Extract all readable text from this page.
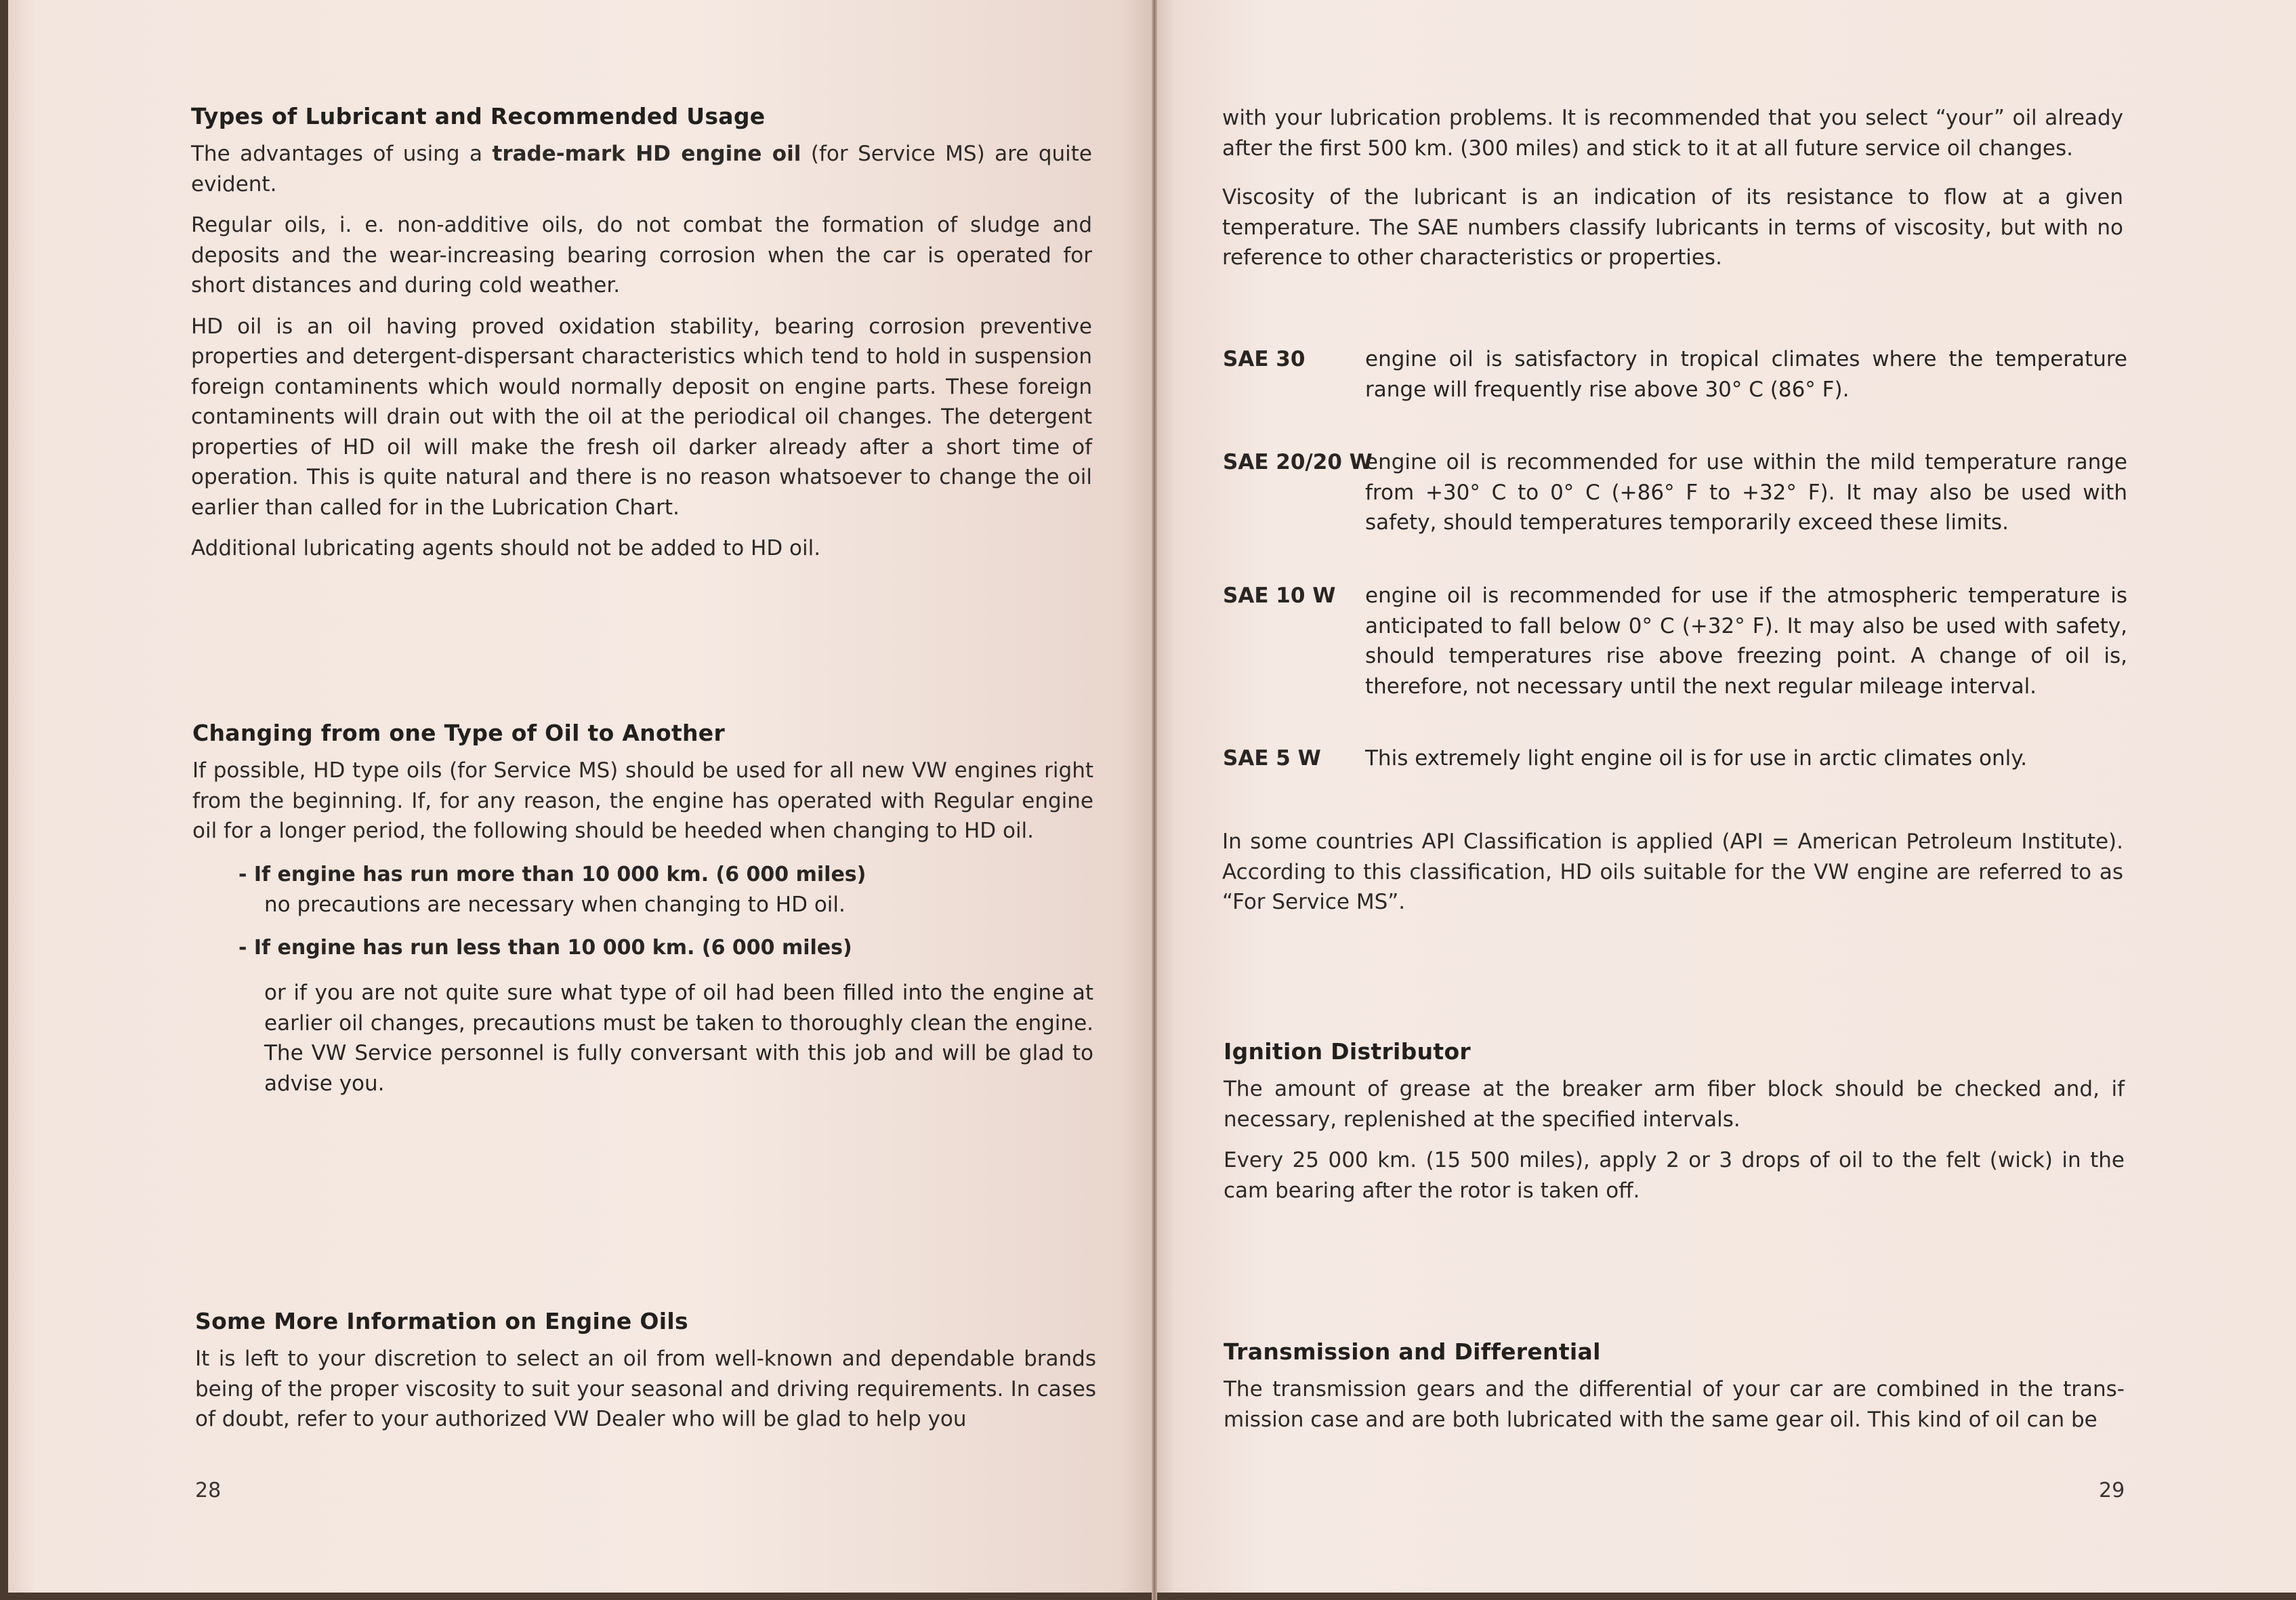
Types of Lubricant and Recommended Usage

The advantages of using a trade-mark HD engine oil (for Service MS) are quite evident.

Regular oils, i. e. non-additive oils, do not combat the formation of sludge and deposits and the wear-increasing bearing corrosion when the car is operated for short distances and during cold weather.

HD oil is an oil having proved oxidation stability, bearing corrosion preventive properties and detergent-dispersant characteristics which tend to hold in suspension foreign contaminents which would normally deposit on engine parts. These foreign contaminents will drain out with the oil at the periodical oil changes. The detergent properties of HD oil will make the fresh oil darker already after a short time of operation. This is quite natural and there is no reason whatsoever to change the oil earlier than called for in the Lubrication Chart.

Additional lubricating agents should not be added to HD oil.

Changing from one Type of Oil to Another

If possible, HD type oils (for Service MS) should be used for all new VW engines right from the beginning. If, for any reason, the engine has operated with Regular engine oil for a longer period, the following should be heeded when changing to HD oil.

- If engine has run more than 10 000 km. (6 000 miles)

no precautions are necessary when changing to HD oil.

- If engine has run less than 10 000 km. (6 000 miles)

or if you are not quite sure what type of oil had been filled into the engine at earlier oil changes, precautions must be taken to thoroughly clean the engine. The VW Service personnel is fully conversant with this job and will be glad to advise you.

Some More Information on Engine Oils

It is left to your discretion to select an oil from well-known and dependable brands being of the proper viscosity to suit your seasonal and driving requirements. In cases of doubt, refer to your authorized VW Dealer who will be glad to help you

28

with your lubrication problems. It is recommended that you select “your” oil already after the first 500 km. (300 miles) and stick to it at all future service oil changes.

Viscosity of the lubricant is an indication of its resistance to flow at a given temperature. The SAE numbers classify lubricants in terms of viscosity, but with no reference to other characteristics or properties.

SAE 30	engine oil is satisfactory in tropical climates where the temperature range will frequently rise above 30° C (86° F).
SAE 20/20 W
engine oil is recommended for use within the mild temperature range from +30° C to 0° C (+86° F to +32° F). It may also be used with safety, should temperatures temporarily exceed these limits.
SAE 10 W engine oil is recommended for use if the atmospheric temperature is anticipated to fall below 0° C (+32° F). It may also be used with safety, should temperatures rise above freezing point. A change of oil is, therefore, not necessary until the next regular mileage interval.
SAE 5 W This extremely light engine oil is for use in arctic climates only.

In some countries API Classification is applied (API = American Petroleum Institute). According to this classification, HD oils suitable for the VW engine are referred to as “For Service MS”.

Ignition Distributor

The amount of grease at the breaker arm fiber block should be checked and, if necessary, replenished at the specified intervals.

Every 25 000 km. (15 500 miles), apply 2 or 3 drops of oil to the felt (wick) in the cam bearing after the rotor is taken off.

Transmission and Differential

The transmission gears and the differential of your car are combined in the trans- mission case and are both lubricated with the same gear oil. This kind of oil can be

29
